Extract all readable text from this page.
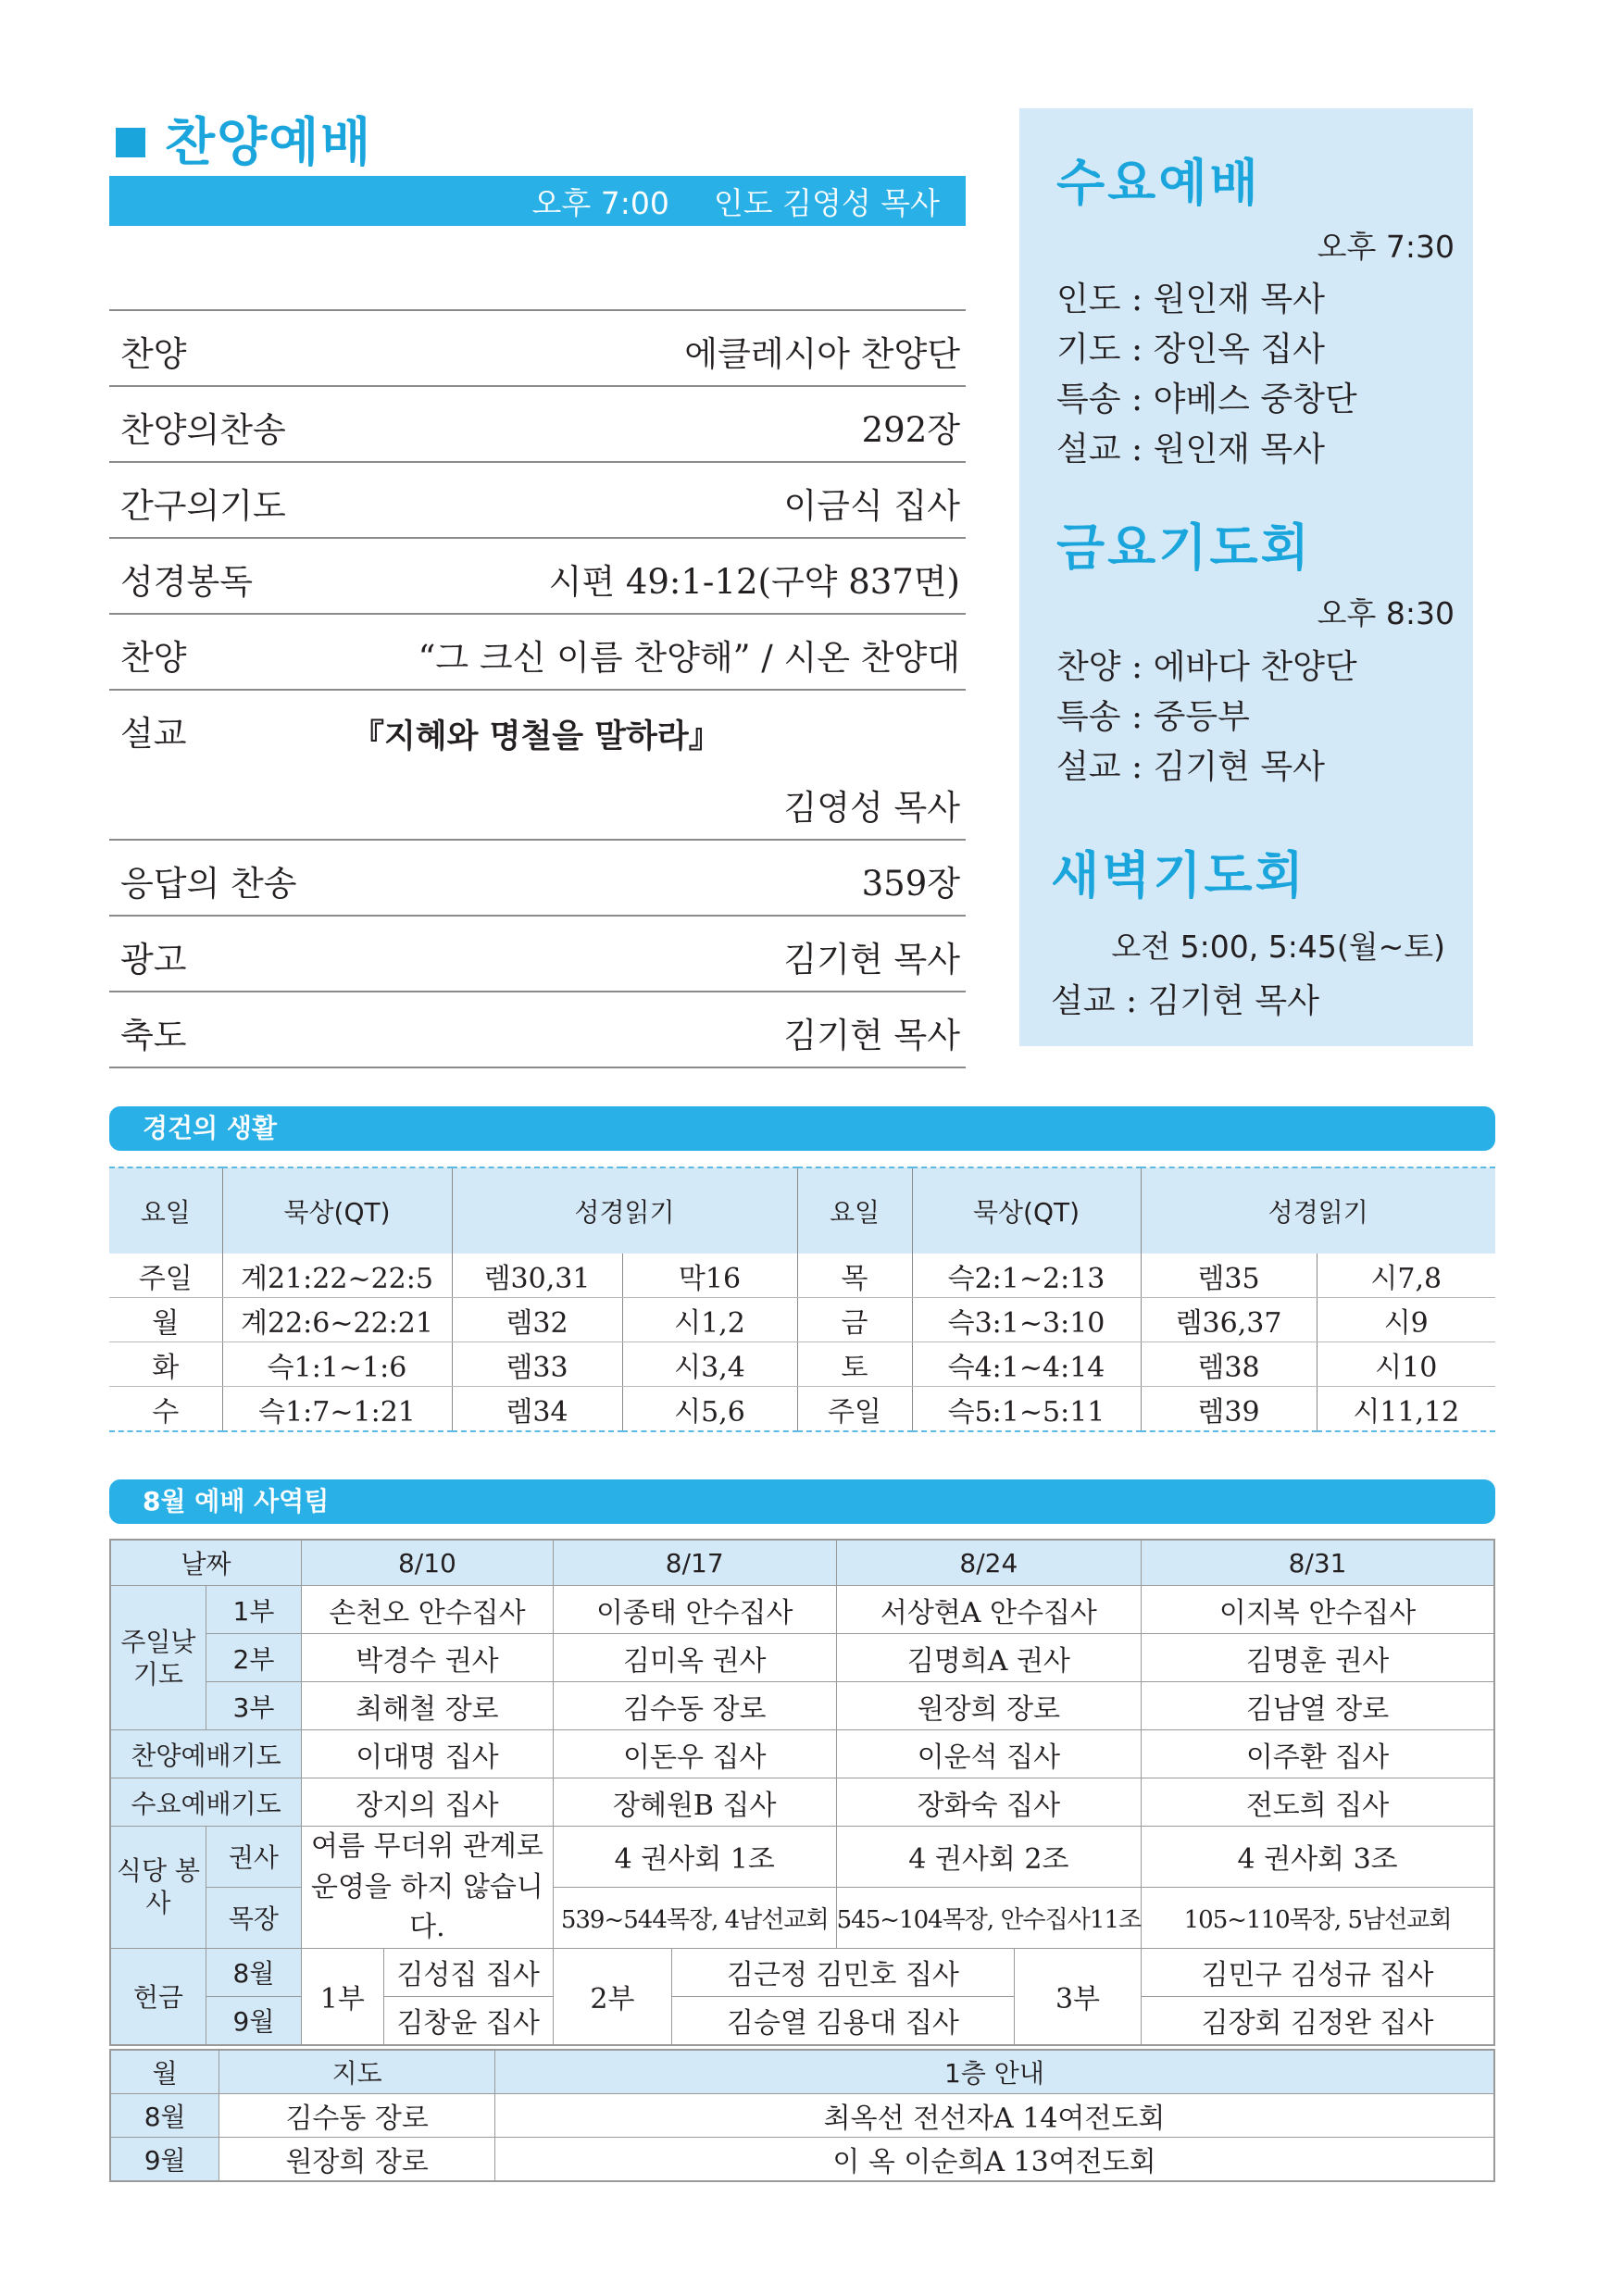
찬양예배
오후 7:00 인도 김영성 목사
찬양	에클레시아 찬양단
찬양의찬송	292장
간구의기도	이금식 집사
성경봉독	시편 49:1-12(구약 837면)
찬양	“그 크신 이름 찬양해” / 시온 찬양대
설교	『지혜와 명철을 말하라』
김영성 목사
응답의 찬송	359장
광고	김기현 목사
축도	김기현 목사
수요예배
오후 7:30
인도 : 원인재 목사
기도 : 장인옥 집사
특송 : 야베스 중창단
설교 : 원인재 목사
금요기도회
오후 8:30
찬양 : 에바다 찬양단
특송 : 중등부
설교 : 김기현 목사
새벽기도회
오전 5:00, 5:45(월~토)
설교 : 김기현 목사
경건의 생활
요일	묵상(QT)	성경읽기		요일	묵상(QT)	성경읽기	
주일	계21:22~22:5	렘30,31	막16	목	슥2:1~2:13	렘35	시7,8
월	계22:6~22:21	렘32	시1,2	금	슥3:1~3:10	렘36,37	시9
화	슥1:1~1:6	렘33	시3,4	토	슥4:1~4:14	렘38	시10
수	슥1:7~1:21	렘34	시5,6	주일	슥5:1~5:11	렘39	시11,12
8월 예배 사역팀
날짜		8/10		8/17		8/24		8/31
주일낮 기도	1부	손천오 안수집사		이종태 안수집사		서상현A 안수집사		이지복 안수집사
	2부	박경수 권사		김미옥 권사		김명희A 권사		김명훈 권사
	3부	최해철 장로		김수동 장로		원장희 장로		김남열 장로
찬양예배기도		이대명 집사		이돈우 집사		이운석 집사		이주환 집사
수요예배기도		장지의 집사		장혜원B 집사		장화숙 집사		전도희 집사
식당 봉사	권사	여름 무더위 관계로 운영을 하지 않습니다.		4 권사회 1조		4 권사회 2조		4 권사회 3조
	목장			539~544목장, 4남선교회		545~104목장, 안수집사11조		105~110목장, 5남선교회
헌금	8월	1부	김성집 집사	2부	김근정 김민호 집사		3부	김민구 김성규 집사
	9월		김창윤 집사		김승열 김용대 집사			김장회 김정완 집사
월	지도	1층 안내
8월	김수동 장로	최옥선 전선자A 14여전도회
9월	원장희 장로	이 옥 이순희A 13여전도회
